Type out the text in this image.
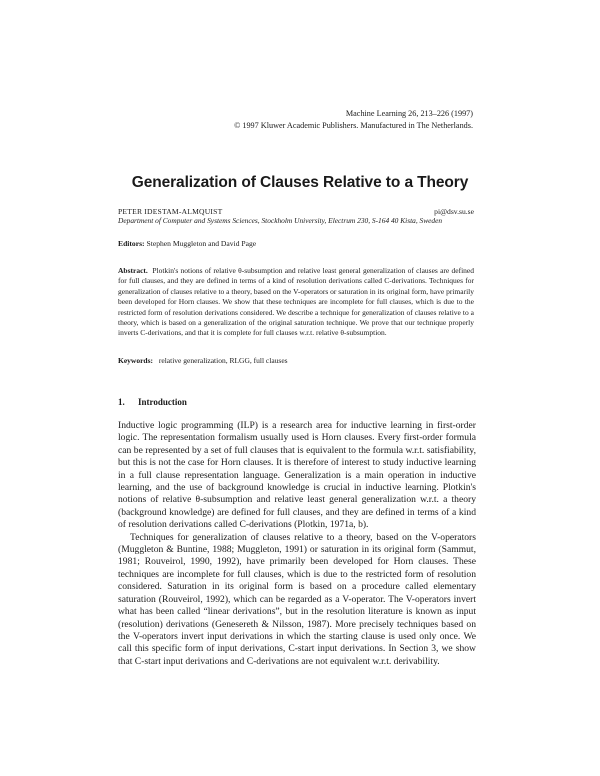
Machine Learning 26, 213–226 (1997)
© 1997 Kluwer Academic Publishers. Manufactured in The Netherlands.
Generalization of Clauses Relative to a Theory
PETER IDESTAM-ALMQUIST	pi@dsv.su.se
Department of Computer and Systems Sciences, Stockholm University, Electrum 230, S-164 40 Kista, Sweden
Editors: Stephen Muggleton and David Page
Abstract. Plotkin's notions of relative θ-subsumption and relative least general generalization of clauses are defined for full clauses, and they are defined in terms of a kind of resolution derivations called C-derivations. Techniques for generalization of clauses relative to a theory, based on the V-operators or saturation in its original form, have primarily been developed for Horn clauses. We show that these techniques are incomplete for full clauses, which is due to the restricted form of resolution derivations considered. We describe a technique for generalization of clauses relative to a theory, which is based on a generalization of the original saturation technique. We prove that our technique properly inverts C-derivations, and that it is complete for full clauses w.r.t. relative θ-subsumption.
Keywords: relative generalization, RLGG, full clauses
1. Introduction

Inductive logic programming (ILP) is a research area for inductive learning in first-order logic. The representation formalism usually used is Horn clauses. Every first-order formula can be represented by a set of full clauses that is equivalent to the formula w.r.t. satisfiability, but this is not the case for Horn clauses. It is therefore of interest to study inductive learning in a full clause representation language. Generalization is a main operation in inductive learning, and the use of background knowledge is crucial in inductive learning. Plotkin's notions of relative θ-subsumption and relative least general generalization w.r.t. a theory (background knowledge) are defined for full clauses, and they are defined in terms of a kind of resolution derivations called C-derivations (Plotkin, 1971a, b).

Techniques for generalization of clauses relative to a theory, based on the V-operators (Muggleton & Buntine, 1988; Muggleton, 1991) or saturation in its original form (Sammut, 1981; Rouveirol, 1990, 1992), have primarily been developed for Horn clauses. These techniques are incomplete for full clauses, which is due to the restricted form of resolution considered. Saturation in its original form is based on a procedure called elementary saturation (Rouveirol, 1992), which can be regarded as a V-operator. The V-operators invert what has been called “linear derivations”, but in the resolution literature is known as input (resolution) derivations (Genesereth & Nilsson, 1987). More precisely techniques based on the V-operators invert input derivations in which the starting clause is used only once. We call this specific form of input derivations, C-start input derivations. In Section 3, we show that C-start input derivations and C-derivations are not equivalent w.r.t. derivability.
